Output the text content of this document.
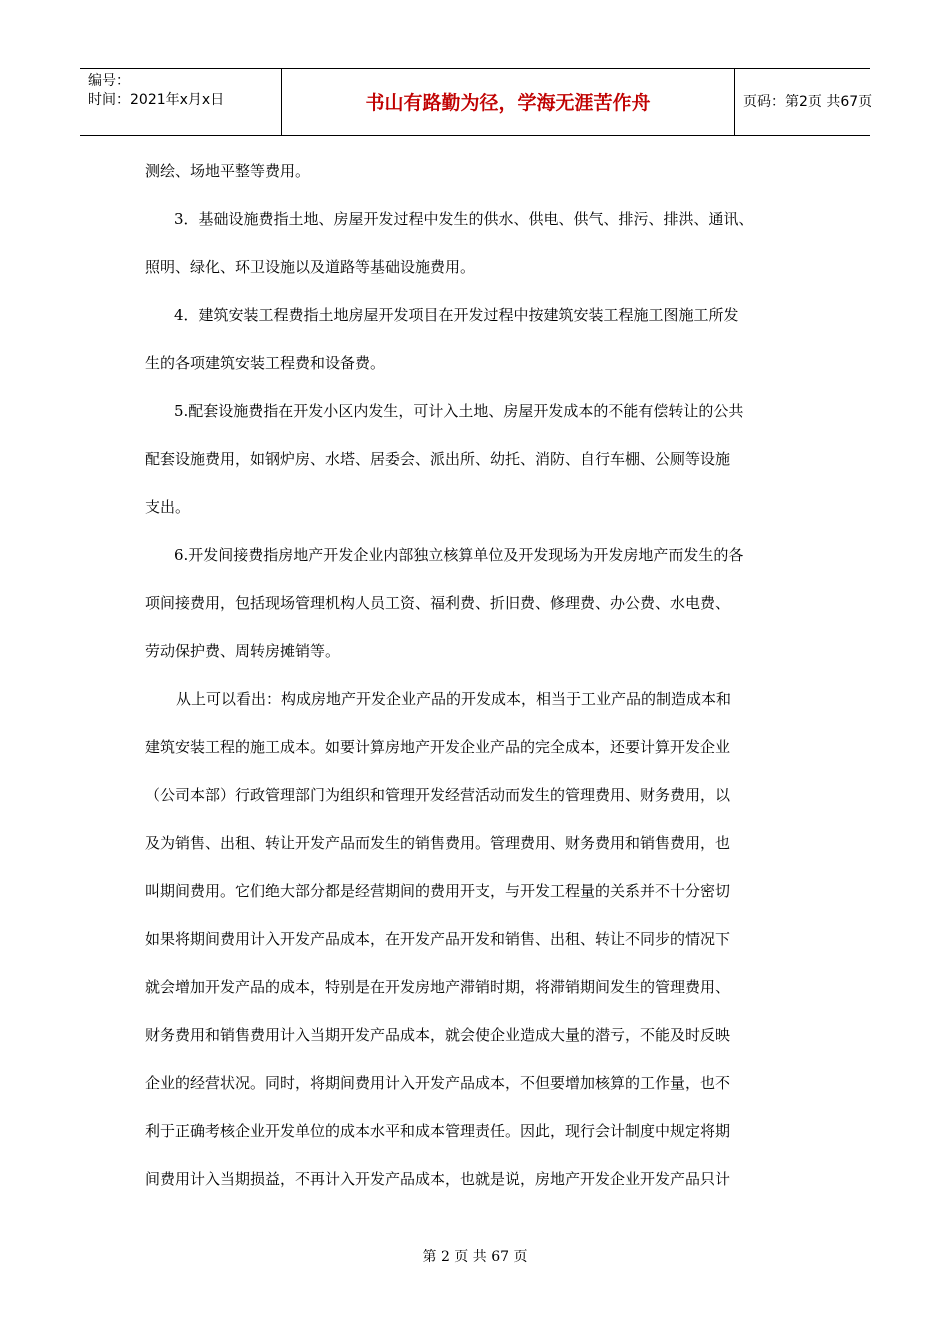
编号：
时间：2021年x月x日	书山有路勤为径，学海无涯苦作舟	页码：第2页 共67页
测绘、场地平整等费用。
3．基础设施费指土地、房屋开发过程中发生的供水、供电、供气、排污、排洪、通讯、
照明、绿化、环卫设施以及道路等基础设施费用。
4．建筑安装工程费指土地房屋开发项目在开发过程中按建筑安装工程施工图施工所发
生的各项建筑安装工程费和设备费。
5.配套设施费指在开发小区内发生，可计入土地、房屋开发成本的不能有偿转让的公共
配套设施费用，如钢炉房、水塔、居委会、派出所、幼托、消防、自行车棚、公厕等设施
支出。
6.开发间接费指房地产开发企业内部独立核算单位及开发现场为开发房地产而发生的各
项间接费用，包括现场管理机构人员工资、福利费、折旧费、修理费、办公费、水电费、
劳动保护费、周转房摊销等。
从上可以看出：构成房地产开发企业产品的开发成本，相当于工业产品的制造成本和
建筑安装工程的施工成本。如要计算房地产开发企业产品的完全成本，还要计算开发企业
（公司本部）行政管理部门为组织和管理开发经营活动而发生的管理费用、财务费用，以
及为销售、出租、转让开发产品而发生的销售费用。管理费用、财务费用和销售费用，也
叫期间费用。它们绝大部分都是经营期间的费用开支，与开发工程量的关系并不十分密切
如果将期间费用计入开发产品成本，在开发产品开发和销售、出租、转让不同步的情况下
就会增加开发产品的成本，特别是在开发房地产滞销时期，将滞销期间发生的管理费用、
财务费用和销售费用计入当期开发产品成本，就会使企业造成大量的潜亏，不能及时反映
企业的经营状况。同时，将期间费用计入开发产品成本，不但要增加核算的工作量，也不
利于正确考核企业开发单位的成本水平和成本管理责任。因此，现行会计制度中规定将期
间费用计入当期损益，不再计入开发产品成本，也就是说，房地产开发企业开发产品只计
第 2 页 共 67 页
